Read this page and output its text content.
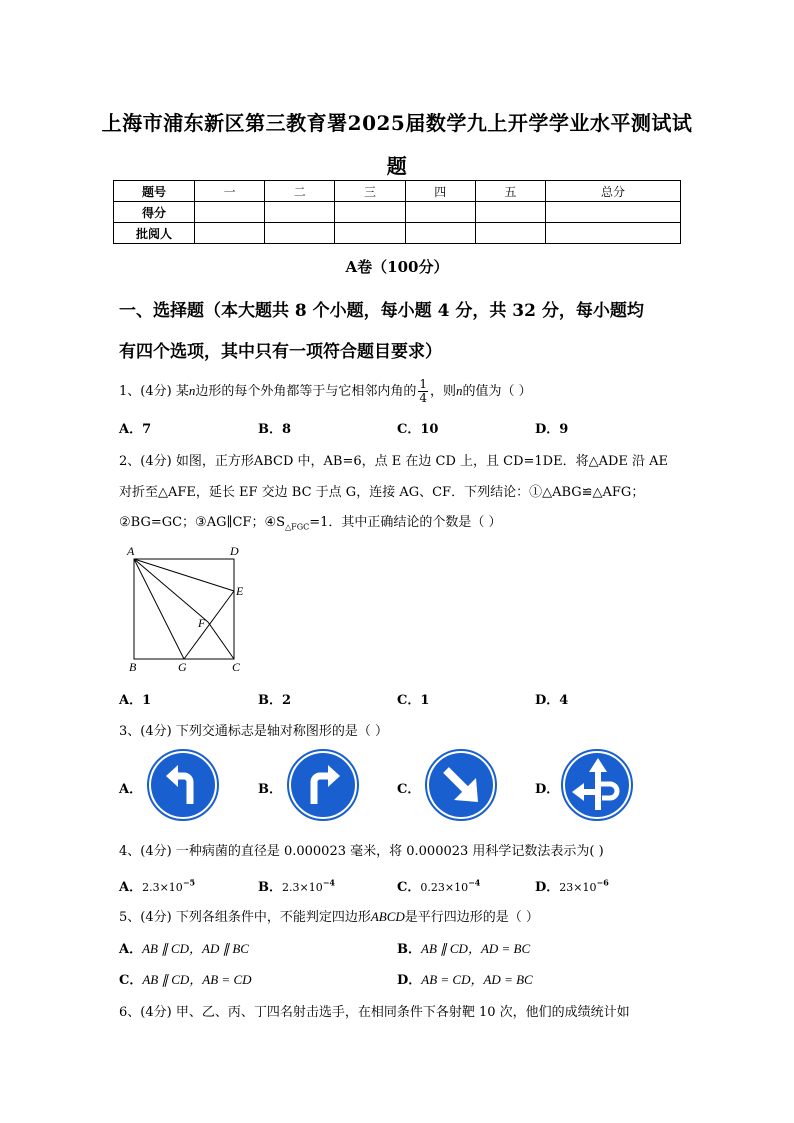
上海市浦东新区第三教育署2025届数学九上开学学业水平测试试
题
题号	一	二	三	四	五	总分
得分						
批阅人						
A卷（100分）
一、选择题（本大题共 8 个小题，每小题 4 分，共 32 分，每小题均
有四个选项，其中只有一项符合题目要求）
1、(4分) 某n边形的每个外角都等于与它相邻内角的 $\frac{1}{4}$ ，则n的值为（ ）
A．7	B．8	C．10	D．9
2、(4分) 如图，正方形ABCD 中，AB=6，点 E 在边 CD 上，且 CD=1DE．将△ADE 沿 AE
对折至△AFE，延长 EF 交边 BC 于点 G，连接 AG、CF．下列结论：①△ABG≌△AFG；
②BG=GC；③AG∥CF；$④S_{\triangle FGC}=1$．其中正确结论的个数是（ ）
A	D
E
F
B	G	C
A．1	B．2	C．1	D．4
3、(4分) 下列交通标志是轴对称图形的是（ ）
A．	B．	C．	D．
4、(4分) 一种病菌的直径是 0.000023 毫米，将 0.000023 用科学记数法表示为( )
A．$2.3\times 10^{-5}$	B．$2.3\times 10^{-4}$	C．$0.23\times 10^{-4}$	D．$23\times 10^{-6}$
5、(4分) 下列各组条件中，不能判定四边形ABCD是平行四边形的是（ ）
A．AB ∥ CD，AD ∥ BC	B．AB ∥ CD，AD = BC
C．AB ∥ CD，AB = CD	D．AB = CD，AD = BC
6、(4分) 甲、乙、丙、丁四名射击选手，在相同条件下各射靶 10 次，他们的成绩统计如
